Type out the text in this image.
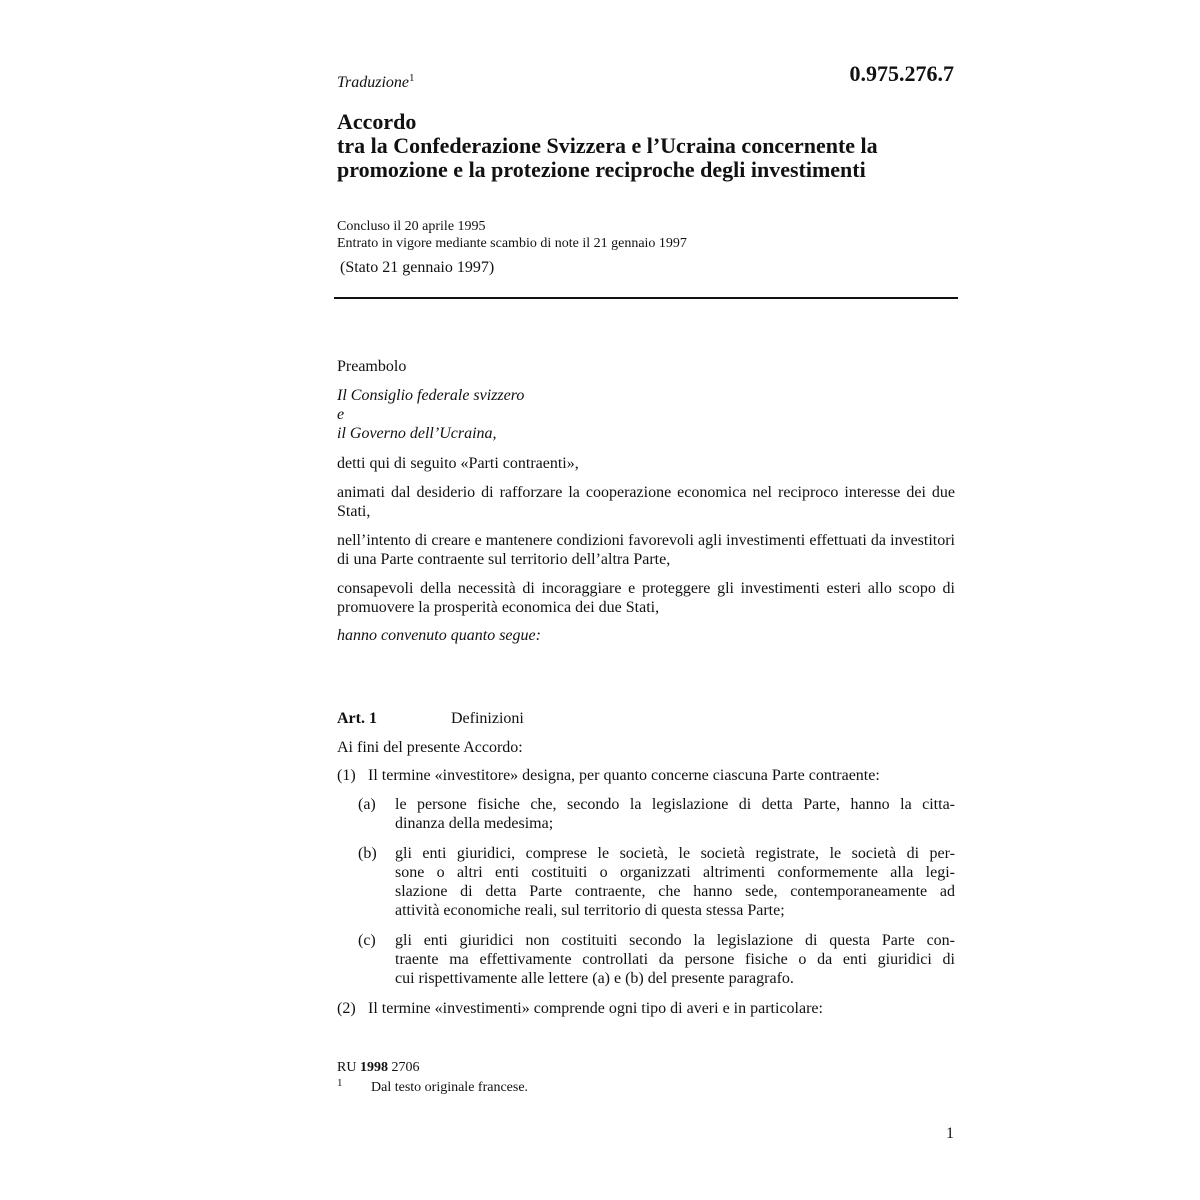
Traduzione$^1$	0.975.276.7
Accordo
tra la Confederazione Svizzera e l’Ucraina concernente la
promozione e la protezione reciproche degli investimenti
Concluso il 20 aprile 1995
Entrato in vigore mediante scambio di note il 21 gennaio 1997
(Stato 21 gennaio 1997)
Preambolo
Il Consiglio federale svizzero
e
il Governo dell’Ucraina,
detti qui di seguito «Parti contraenti»,
animati dal desiderio di rafforzare la cooperazione economica nel reciproco interesse dei due Stati,
nell’intento di creare e mantenere condizioni favorevoli agli investimenti effettuati da investitori di una Parte contraente sul territorio dell’altra Parte,
consapevoli della necessità di incoraggiare e proteggere gli investimenti esteri allo scopo di promuovere la prosperità economica dei due Stati,
hanno convenuto quanto segue:
Art. 1	Definizioni
Ai fini del presente Accordo:
(1) Il termine «investitore» designa, per quanto concerne ciascuna Parte contraente:
(a) le persone fisiche che, secondo la legislazione di detta Parte, hanno la citta-
dinanza della medesima;
(b) gli enti giuridici, comprese le società, le società registrate, le società di per-
sone o altri enti costituiti o organizzati altrimenti conformemente alla legi-
slazione di detta Parte contraente, che hanno sede, contemporaneamente ad
attività economiche reali, sul territorio di questa stessa Parte;
(c) gli enti giuridici non costituiti secondo la legislazione di questa Parte con-
traente ma effettivamente controllati da persone fisiche o da enti giuridici di
cui rispettivamente alle lettere (a) e (b) del presente paragrafo.
(2) Il termine «investimenti» comprende ogni tipo di averi e in particolare:
RU 1998 2706
1 Dal testo originale francese.
1
